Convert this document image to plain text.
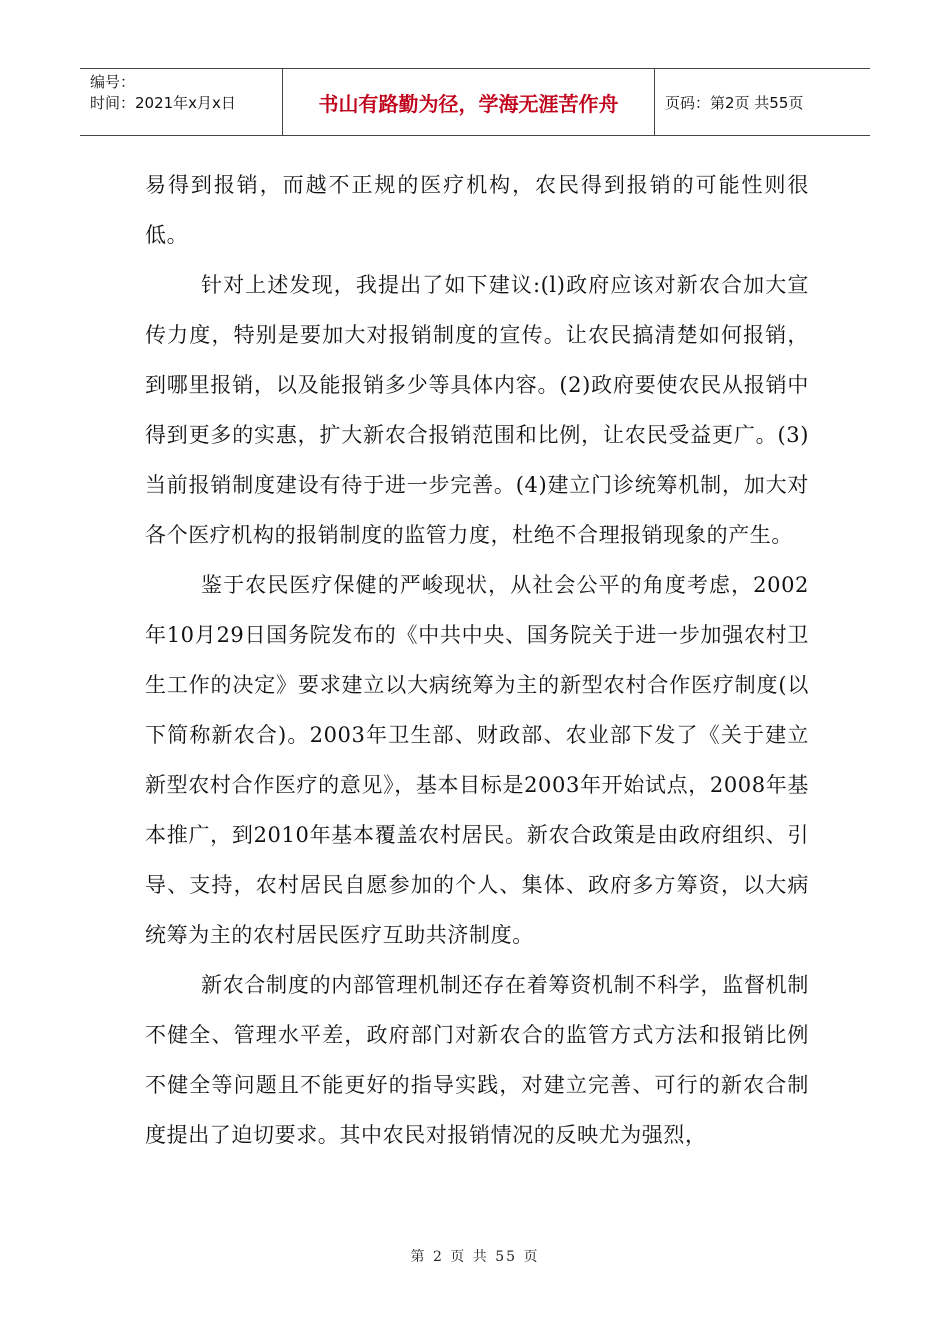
编号：
时间：2021年x月x日	书山有路勤为径，学海无涯苦作舟	页码：第2页 共55页

易得到报销，而越不正规的医疗机构，农民得到报销的可能性则很低。

针对上述发现，我提出了如下建议:(l)政府应该对新农合加大宣传力度，特别是要加大对报销制度的宣传。让农民搞清楚如何报销，到哪里报销，以及能报销多少等具体内容。(2)政府要使农民从报销中得到更多的实惠，扩大新农合报销范围和比例，让农民受益更广。(3)当前报销制度建设有待于进一步完善。(4)建立门诊统筹机制，加大对各个医疗机构的报销制度的监管力度，杜绝不合理报销现象的产生。

鉴于农民医疗保健的严峻现状，从社会公平的角度考虑，2002年10月29日国务院发布的《中共中央、国务院关于进一步加强农村卫生工作的决定》要求建立以大病统筹为主的新型农村合作医疗制度(以下简称新农合)。2003年卫生部、财政部、农业部下发了《关于建立新型农村合作医疗的意见》，基本目标是2003年开始试点，2008年基本推广，到2010年基本覆盖农村居民。新农合政策是由政府组织、引导、支持，农村居民自愿参加的个人、集体、政府多方筹资，以大病统筹为主的农村居民医疗互助共济制度。

新农合制度的内部管理机制还存在着筹资机制不科学，监督机制不健全、管理水平差，政府部门对新农合的监管方式方法和报销比例不健全等问题且不能更好的指导实践，对建立完善、可行的新农合制度提出了迫切要求。其中农民对报销情况的反映尤为强烈，

第 2 页 共 55 页
